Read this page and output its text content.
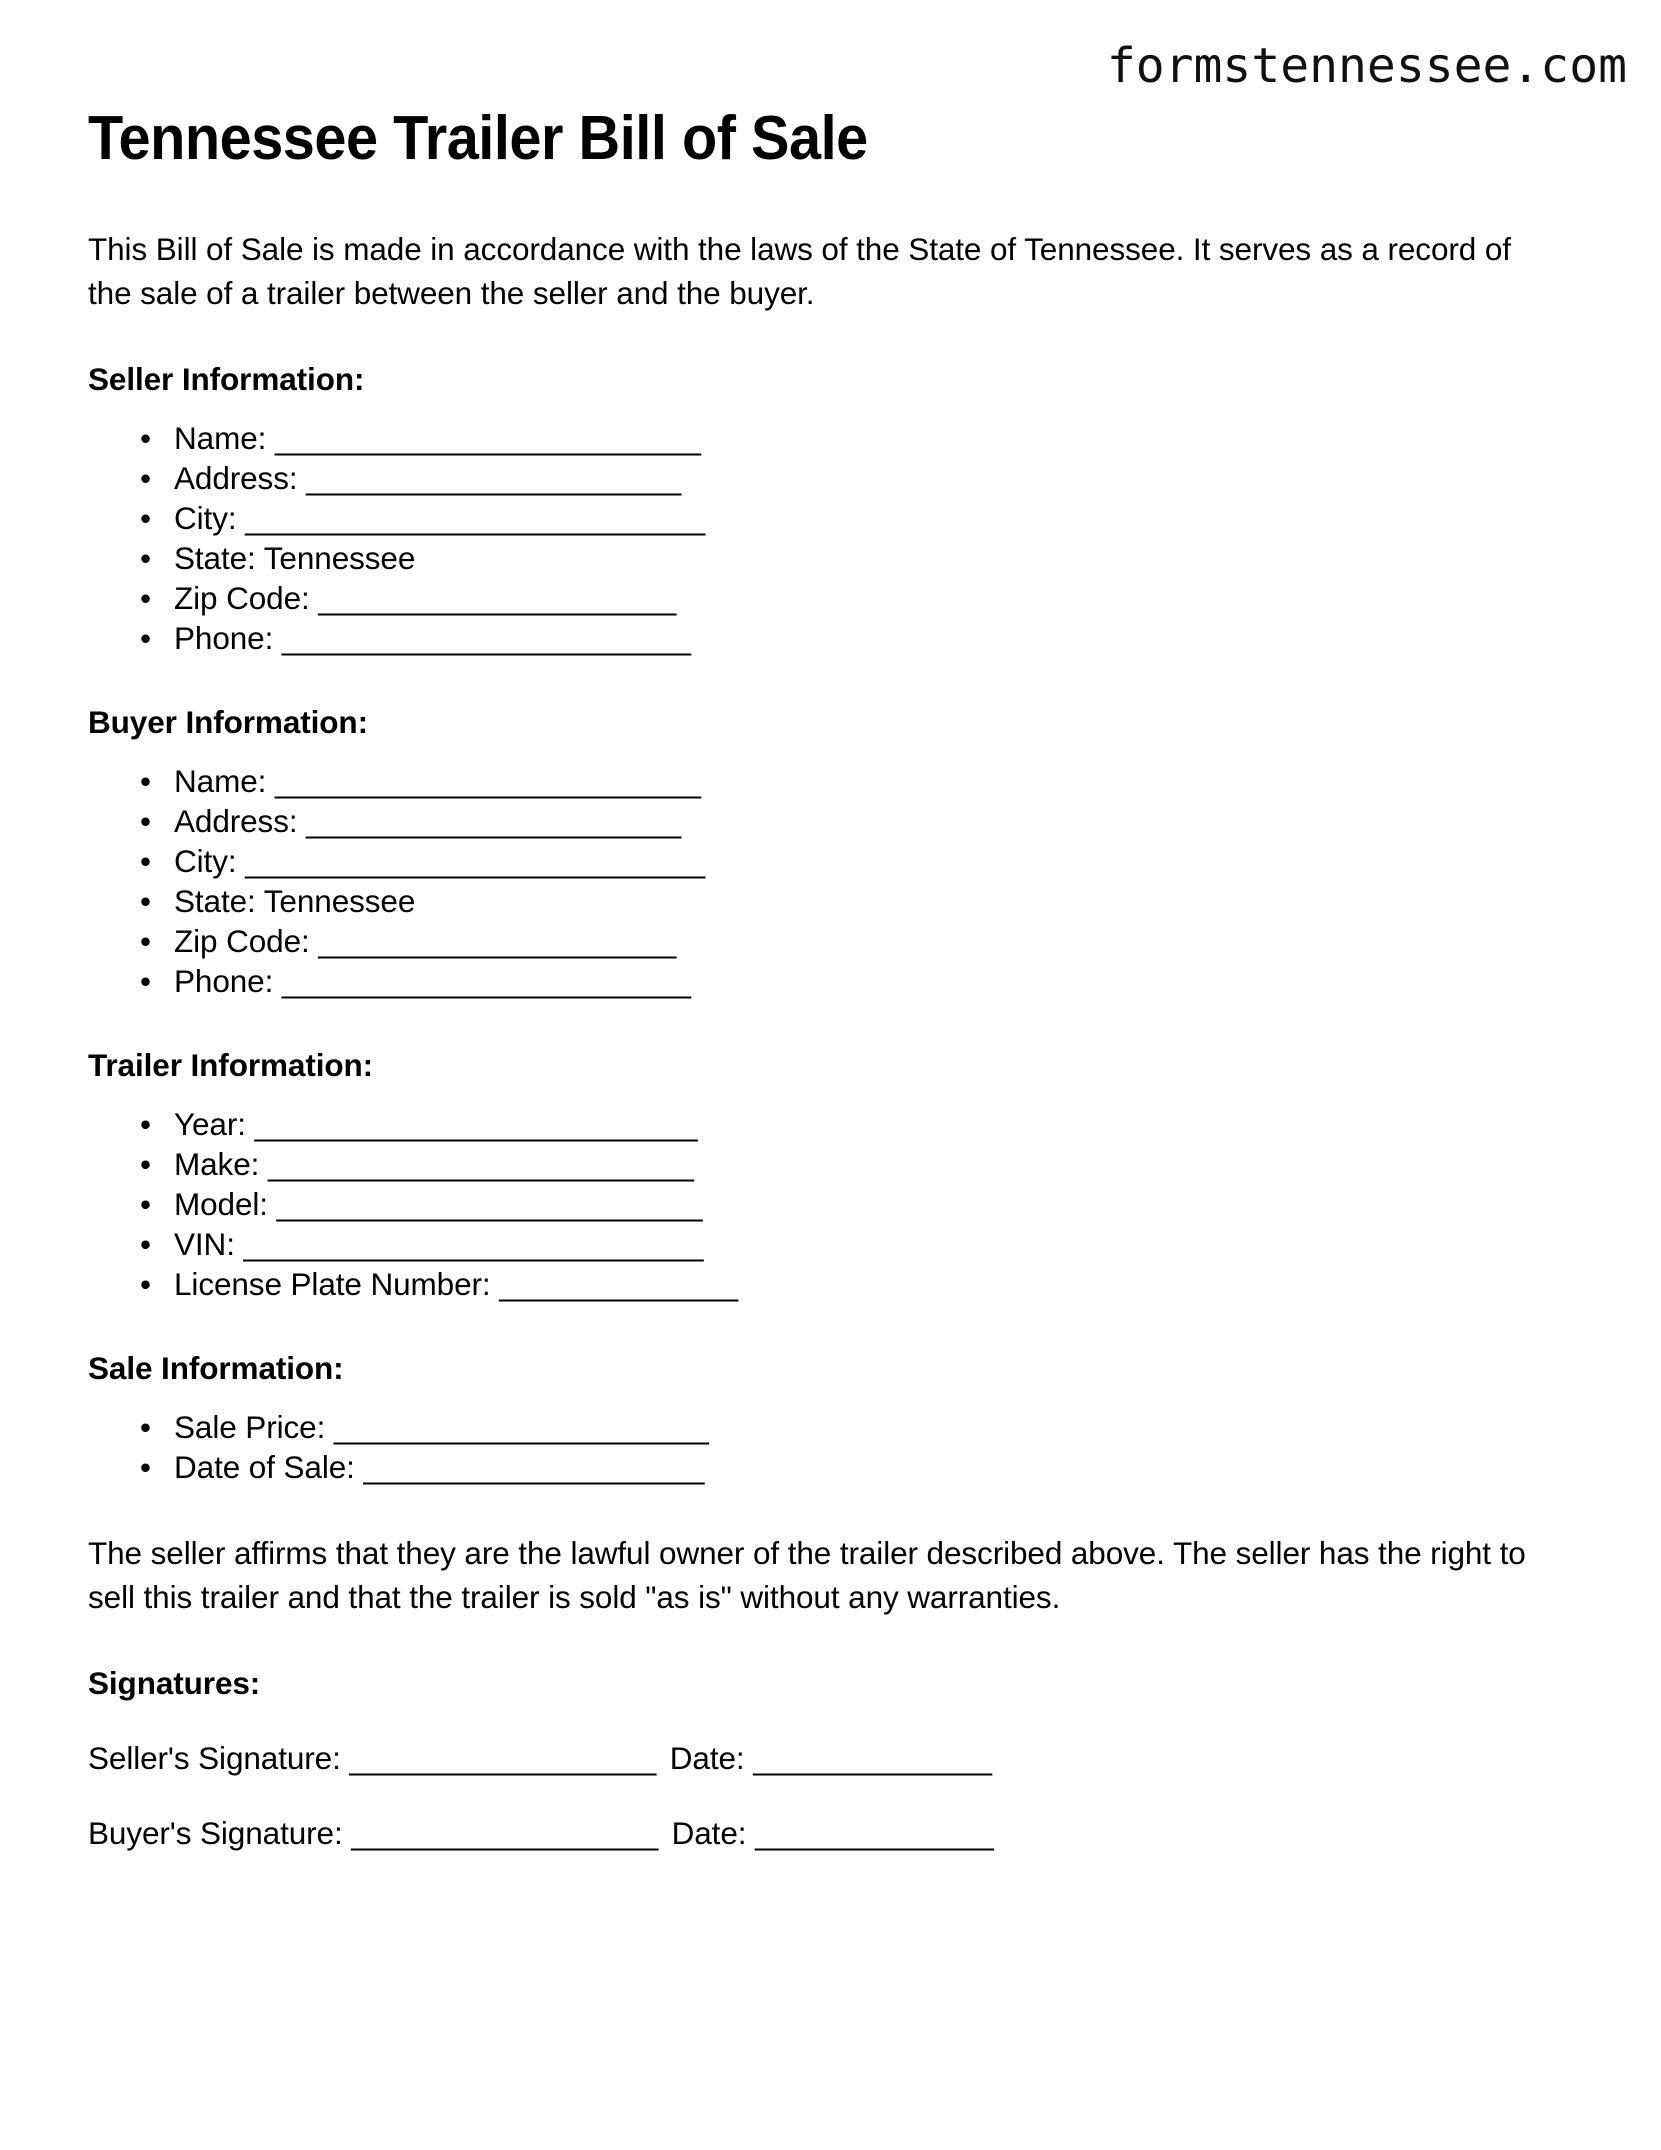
formstennessee.com
Tennessee Trailer Bill of Sale

This Bill of Sale is made in accordance with the laws of the State of Tennessee. It serves as a record of the sale of a trailer between the seller and the buyer.

Seller Information:
• Name: _________________________
• Address: ______________________
• City: ___________________________
• State: Tennessee
• Zip Code: _____________________
• Phone: ________________________
Buyer Information:
• Name: _________________________
• Address: ______________________
• City: ___________________________
• State: Tennessee
• Zip Code: _____________________
• Phone: ________________________
Trailer Information:
• Year: __________________________
• Make: _________________________
• Model: _________________________
• VIN: ___________________________
• License Plate Number: ______________
Sale Information:
• Sale Price: ______________________
• Date of Sale: ____________________

The seller affirms that they are the lawful owner of the trailer described above. The seller has the right to sell this trailer and that the trailer is sold "as is" without any warranties.

Signatures:
Seller's Signature: __________________ Date: ______________
Buyer's Signature: __________________ Date: ______________
